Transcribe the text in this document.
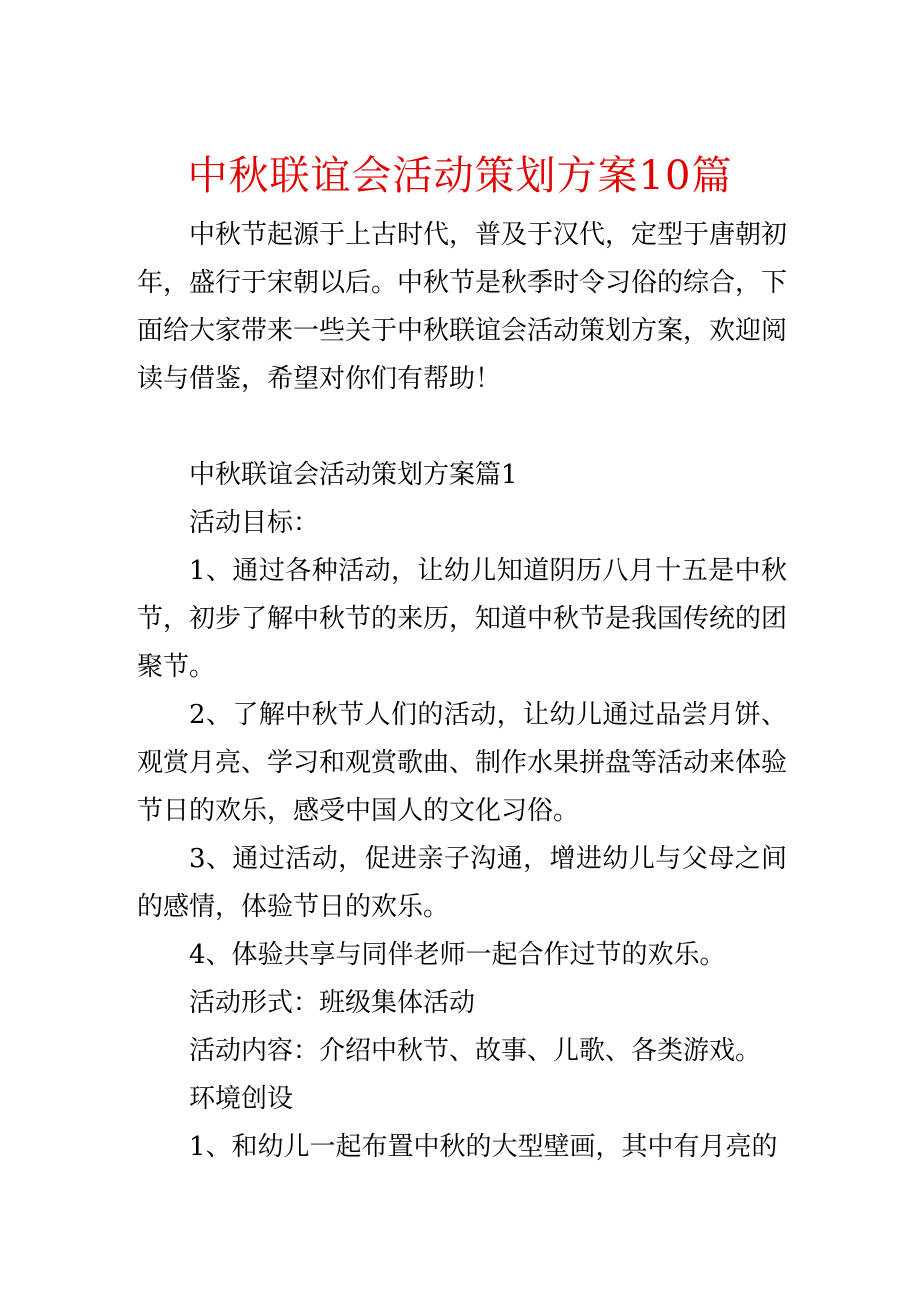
中秋联谊会活动策划方案10篇

中秋节起源于上古时代，普及于汉代，定型于唐朝初年，盛行于宋朝以后。中秋节是秋季时令习俗的综合，下面给大家带来一些关于中秋联谊会活动策划方案，欢迎阅读与借鉴，希望对你们有帮助！

中秋联谊会活动策划方案篇1

活动目标：

1、通过各种活动，让幼儿知道阴历八月十五是中秋节，初步了解中秋节的来历，知道中秋节是我国传统的团聚节。

2、了解中秋节人们的活动，让幼儿通过品尝月饼、观赏月亮、学习和观赏歌曲、制作水果拼盘等活动来体验节日的欢乐，感受中国人的文化习俗。

3、通过活动，促进亲子沟通，增进幼儿与父母之间的感情，体验节日的欢乐。

4、体验共享与同伴老师一起合作过节的欢乐。

活动形式：班级集体活动

活动内容：介绍中秋节、故事、儿歌、各类游戏。

环境创设

1、和幼儿一起布置中秋的大型壁画，其中有月亮的
